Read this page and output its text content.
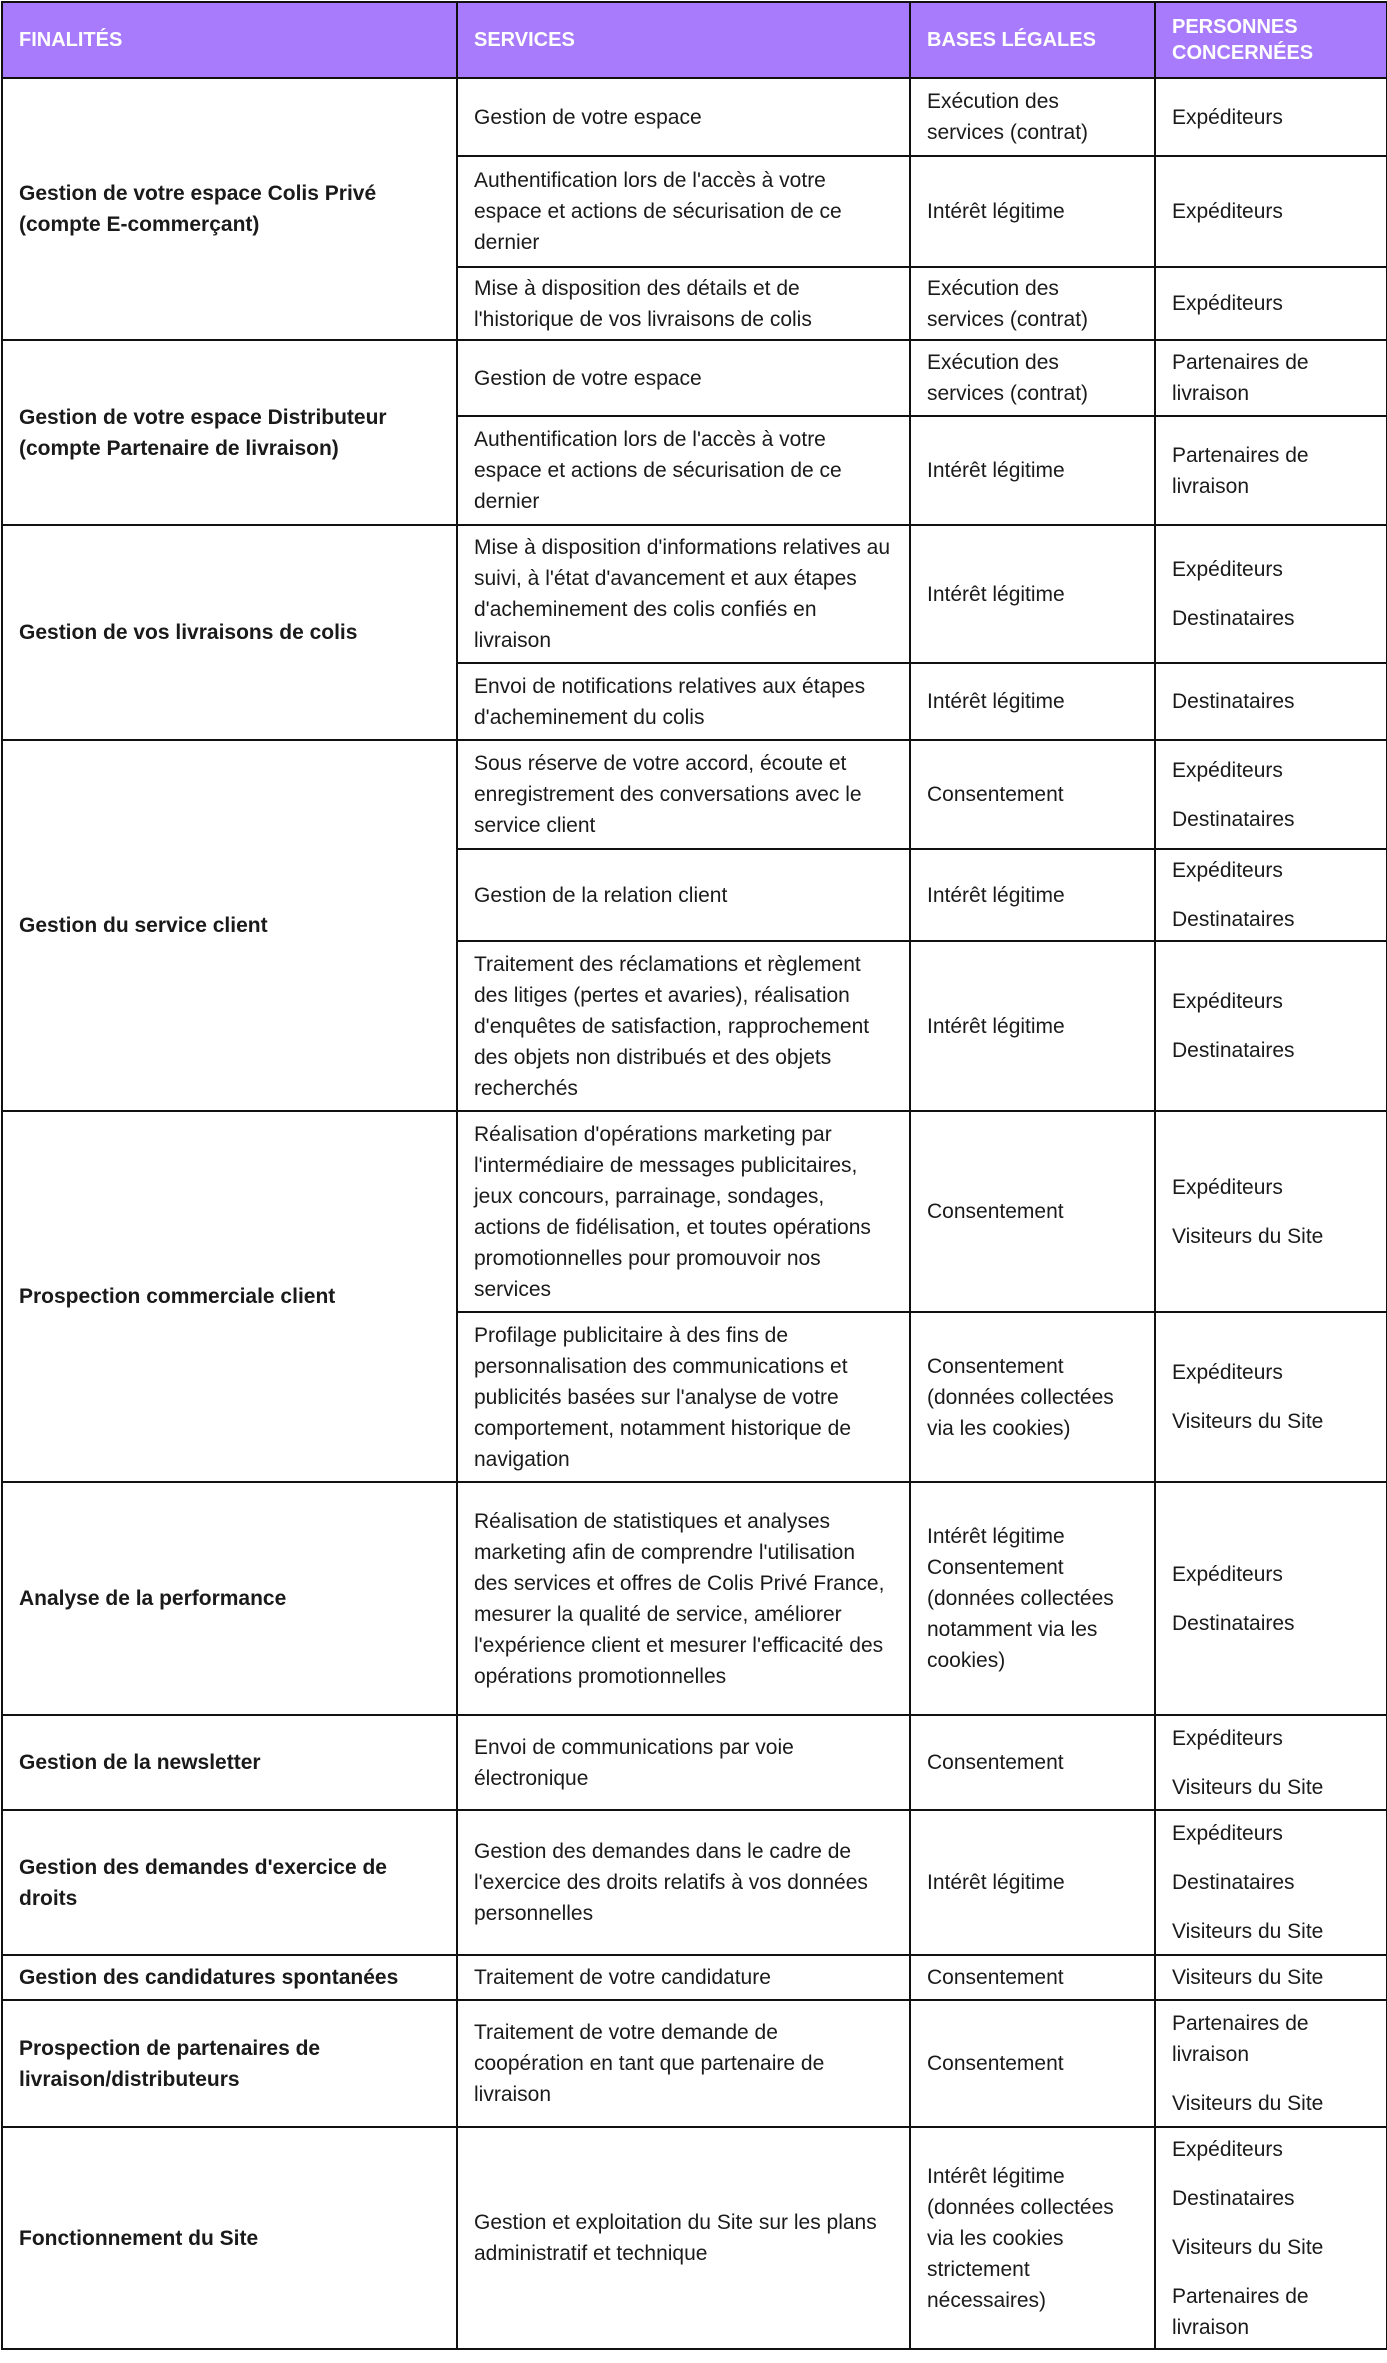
FINALITÉS	SERVICES	BASES LÉGALES	PERSONNES CONCERNÉES
Gestion de votre espace Colis Privé (compte E-commerçant)	Gestion de votre espace	Exécution des services (contrat)	Expéditeurs

	Authentification lors de l'accès à votre espace et actions de sécurisation de ce dernier	Intérêt légitime	Expéditeurs

	Mise à disposition des détails et de l'historique de vos livraisons de colis	Exécution des services (contrat)	Expéditeurs

Gestion de votre espace Distributeur (compte Partenaire de livraison)	Gestion de votre espace	Exécution des services (contrat)	Partenaires de livraison

	Authentification lors de l'accès à votre espace et actions de sécurisation de ce dernier	Intérêt légitime	Partenaires de livraison

Gestion de vos livraisons de colis	Mise à disposition d'informations relatives au suivi, à l'état d'avancement et aux étapes d'acheminement des colis confiés en livraison	Intérêt légitime	Expéditeurs
Destinataires

	Envoi de notifications relatives aux étapes d'acheminement du colis	Intérêt légitime	Destinataires

Gestion du service client	Sous réserve de votre accord, écoute et enregistrement des conversations avec le service client	Consentement	Expéditeurs
Destinataires

	Gestion de la relation client	Intérêt légitime	Expéditeurs
Destinataires

	Traitement des réclamations et règlement des litiges (pertes et avaries), réalisation d'enquêtes de satisfaction, rapprochement des objets non distribués et des objets recherchés	Intérêt légitime	Expéditeurs
Destinataires

Prospection commerciale client	Réalisation d'opérations marketing par l'intermédiaire de messages publicitaires, jeux concours, parrainage, sondages, actions de fidélisation, et toutes opérations promotionnelles pour promouvoir nos services	Consentement	Expéditeurs
Visiteurs du Site

	Profilage publicitaire à des fins de personnalisation des communications et publicités basées sur l'analyse de votre comportement, notamment historique de navigation	Consentement (données collectées via les cookies)	Expéditeurs
Visiteurs du Site

Analyse de la performance	Réalisation de statistiques et analyses marketing afin de comprendre l'utilisation des services et offres de Colis Privé France, mesurer la qualité de service, améliorer l'expérience client et mesurer l'efficacité des opérations promotionnelles	Intérêt légitime Consentement (données collectées notamment via les cookies)	Expéditeurs
Destinataires

Gestion de la newsletter	Envoi de communications par voie électronique	Consentement	Expéditeurs
Visiteurs du Site

Gestion des demandes d'exercice de droits	Gestion des demandes dans le cadre de l'exercice des droits relatifs à vos données personnelles	Intérêt légitime	Expéditeurs
Destinataires
Visiteurs du Site

Gestion des candidatures spontanées	Traitement de votre candidature	Consentement	Visiteurs du Site

Prospection de partenaires de livraison/distributeurs	Traitement de votre demande de coopération en tant que partenaire de livraison	Consentement	Partenaires de livraison
Visiteurs du Site

Fonctionnement du Site	Gestion et exploitation du Site sur les plans administratif et technique	Intérêt légitime (données collectées via les cookies strictement nécessaires)	Expéditeurs
Destinataires
Visiteurs du Site
Partenaires de livraison
